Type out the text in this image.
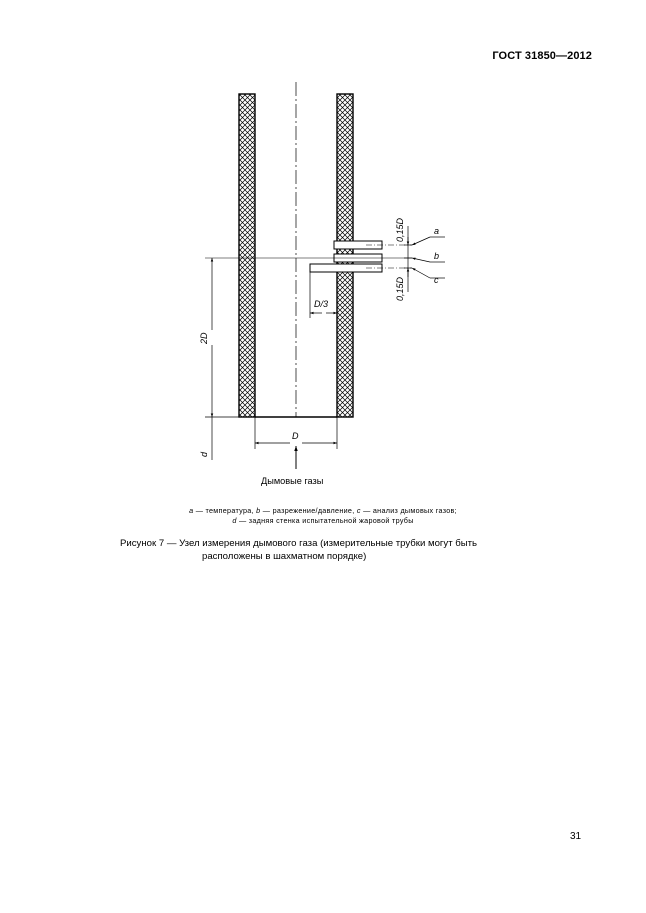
ГОСТ 31850—2012
0,15D
0,15D
a
b
c
D/3
2D
d
D
Дымовые газы
a — температура, b — разрежение/давление, c — анализ дымовых газов;
d — задняя стенка испытательной жаровой трубы
Рисунок 7 — Узел измерения дымового газа (измерительные трубки могут быть
расположены в шахматном порядке)
31
